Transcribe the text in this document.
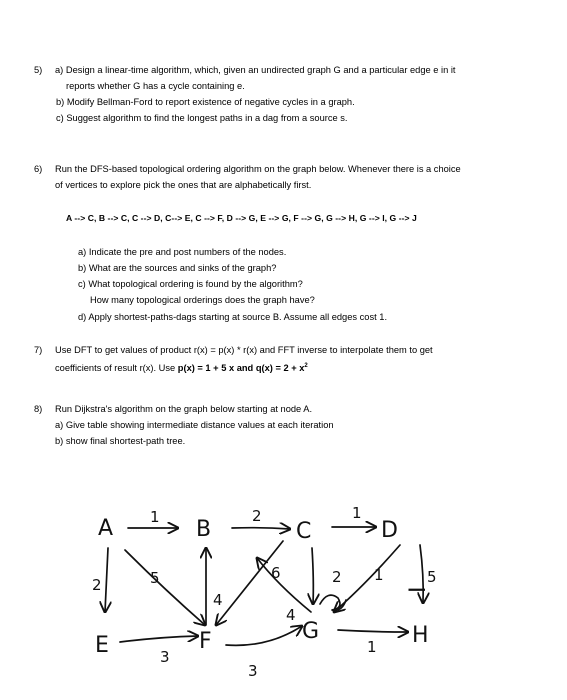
5) a) Design a linear-time algorithm, which, given an undirected graph G and a particular edge e in it
reports whether G has a cycle containing e.
b) Modify Bellman-Ford to report existence of negative cycles in a graph.
c) Suggest algorithm to find the longest paths in a dag from a source s.
6) Run the DFS-based topological ordering algorithm on the graph below. Whenever there is a choice
of vertices to explore pick the ones that are alphabetically first.
A --> C, B --> C, C --> D, C--> E, C --> F, D --> G, E --> G, F --> G, G --> H, G --> I, G --> J
a) Indicate the pre and post numbers of the nodes.
b) What are the sources and sinks of the graph?
c) What topological ordering is found by the algorithm?
How many topological orderings does the graph have?
d) Apply shortest-paths-dags starting at source B. Assume all edges cost 1.
7) Use DFT to get values of product r(x) = p(x) * r(x) and FFT inverse to interpolate them to get
coefficients of result r(x). Use p(x) = 1 + 5 x and $q(x) = 2 + x^2$
8) Run Dijkstra's algorithm on the graph below starting at node A.
a) Give table showing intermediate distance values at each iteration
b) show final shortest-path tree.
A	B	C	D
E	F	G	H
I
1	2	1
2	5
4
6	2 1	5
3
3
1
4
